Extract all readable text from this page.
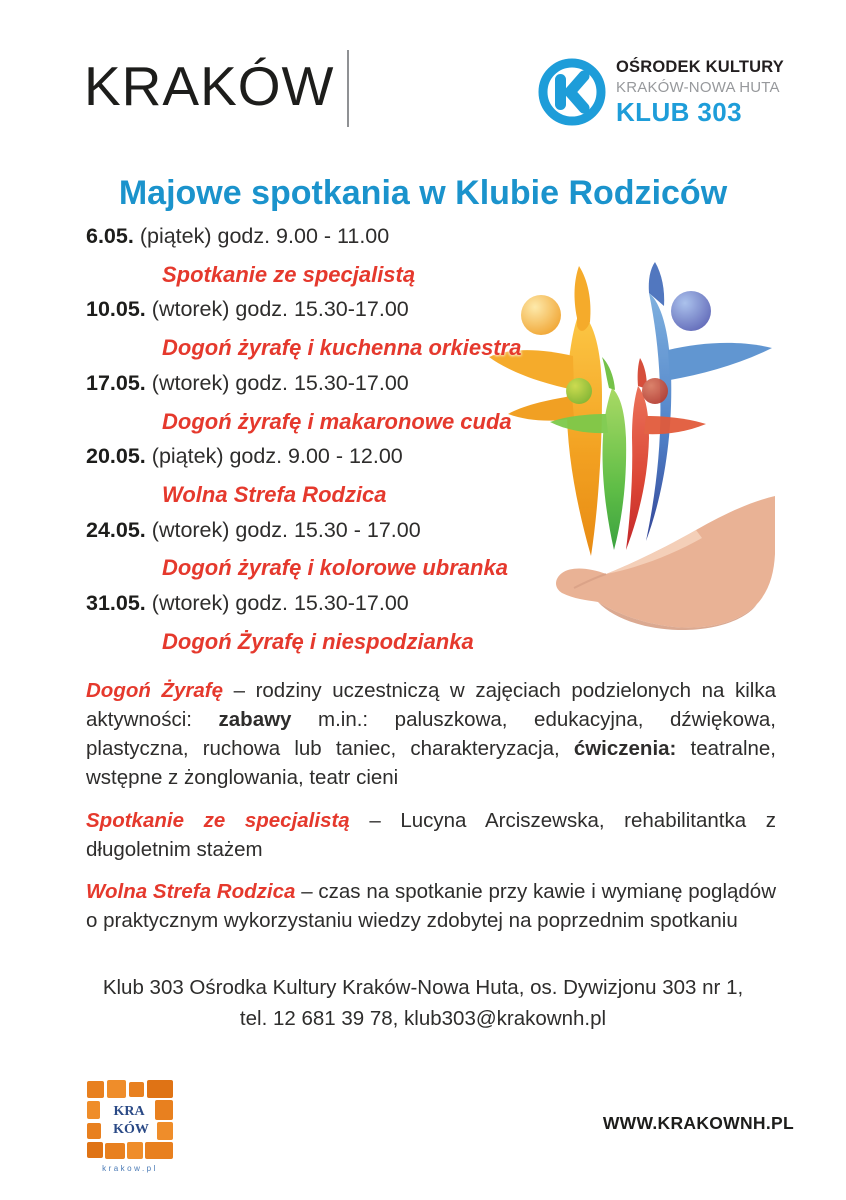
KRAKÓW	OŚRODEK KULTURY
KRAKÓW-NOWA HUTA
KLUB 303
Majowe spotkania w Klubie Rodziców
6.05. (piątek) godz. 9.00 - 11.00
Spotkanie ze specjalistą
10.05. (wtorek) godz. 15.30-17.00
Dogoń żyrafę i kuchenna orkiestra
17.05. (wtorek) godz. 15.30-17.00
Dogoń żyrafę i makaronowe cuda
20.05. (piątek) godz. 9.00 - 12.00
Wolna Strefa Rodzica
24.05. (wtorek) godz. 15.30 - 17.00
Dogoń żyrafę i kolorowe ubranka
31.05. (wtorek) godz. 15.30-17.00
Dogoń Żyrafę i niespodzianka

Dogoń Żyrafę – rodziny uczestniczą w zajęciach podzielonych na kilka aktywności: zabawy m.in.: paluszkowa, edukacyjna, dźwiękowa, plastyczna, ruchowa lub taniec, charakteryzacja, ćwiczenia: teatralne, wstępne z żonglowania, teatr cieni

Spotkanie ze specjalistą – Lucyna Arciszewska, rehabilitantka z długoletnim stażem

Wolna Strefa Rodzica – czas na spotkanie przy kawie i wymianę poglądów o praktycznym wykorzystaniu wiedzy zdobytej na poprzednim spotkaniu

Klub 303 Ośrodka Kultury Kraków-Nowa Huta, os. Dywizjonu 303 nr 1,
tel. 12 681 39 78, klub303@krakownh.pl
KRA
KÓW
krakow.pl
WWW.KRAKOWNH.PL
